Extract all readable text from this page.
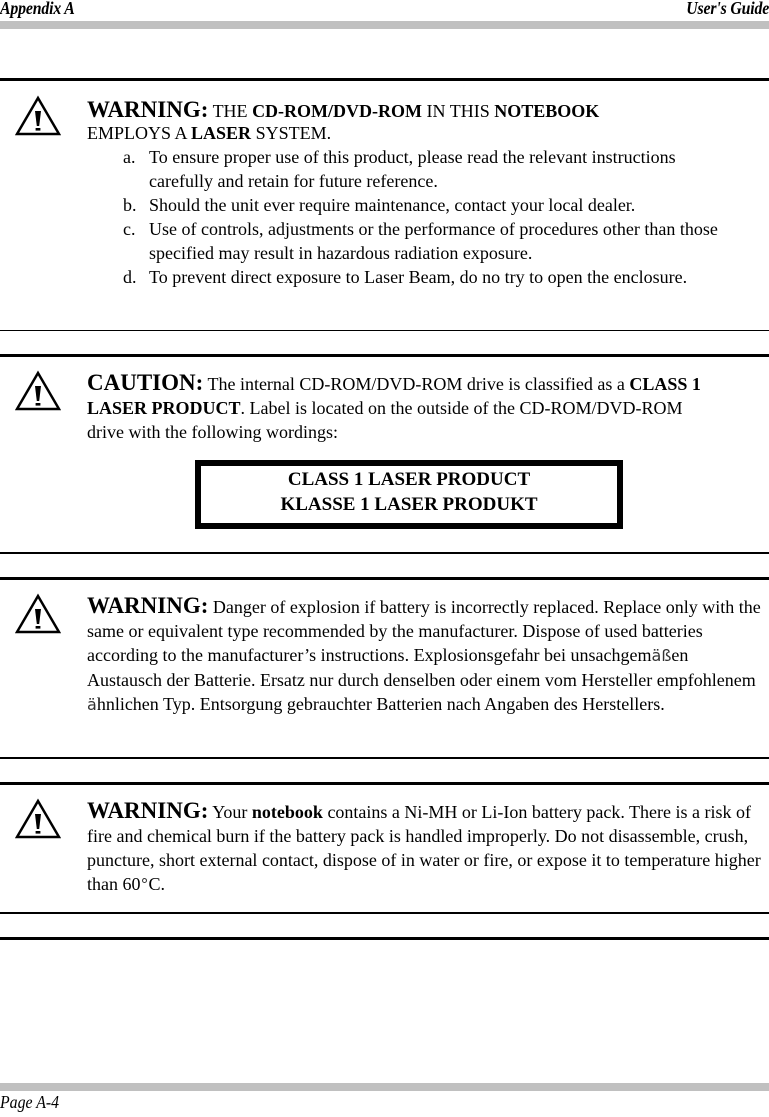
Appendix A	User's Guide
WARNING: THE CD-ROM/DVD-ROM IN THIS NOTEBOOK
EMPLOYS A LASER SYSTEM.
a. To ensure proper use of this product, please read the relevant instructions carefully and retain for future reference.
b. Should the unit ever require maintenance, contact your local dealer.
c. Use of controls, adjustments or the performance of procedures other than those specified may result in hazardous radiation exposure.
d. To prevent direct exposure to Laser Beam, do no try to open the enclosure.
CAUTION: The internal CD-ROM/DVD-ROM drive is classified as a CLASS 1 LASER PRODUCT. Label is located on the outside of the CD-ROM/DVD-ROM drive with the following wordings:
CLASS 1 LASER PRODUCT
KLASSE 1 LASER PRODUKT
WARNING: Danger of explosion if battery is incorrectly replaced. Replace only with the same or equivalent type recommended by the manufacturer. Dispose of used batteries according to the manufacturer’s instructions. Explosionsgefahr bei unsachgemäßen Austausch der Batterie. Ersatz nur durch denselben oder einem vom Hersteller empfohlenem ähnlichen Typ. Entsorgung gebrauchter Batterien nach Angaben des Herstellers.
WARNING: Your notebook contains a Ni-MH or Li-Ion battery pack. There is a risk of fire and chemical burn if the battery pack is handled improperly. Do not disassemble, crush, puncture, short external contact, dispose of in water or fire, or expose it to temperature higher than 60°C.
Page A-4
